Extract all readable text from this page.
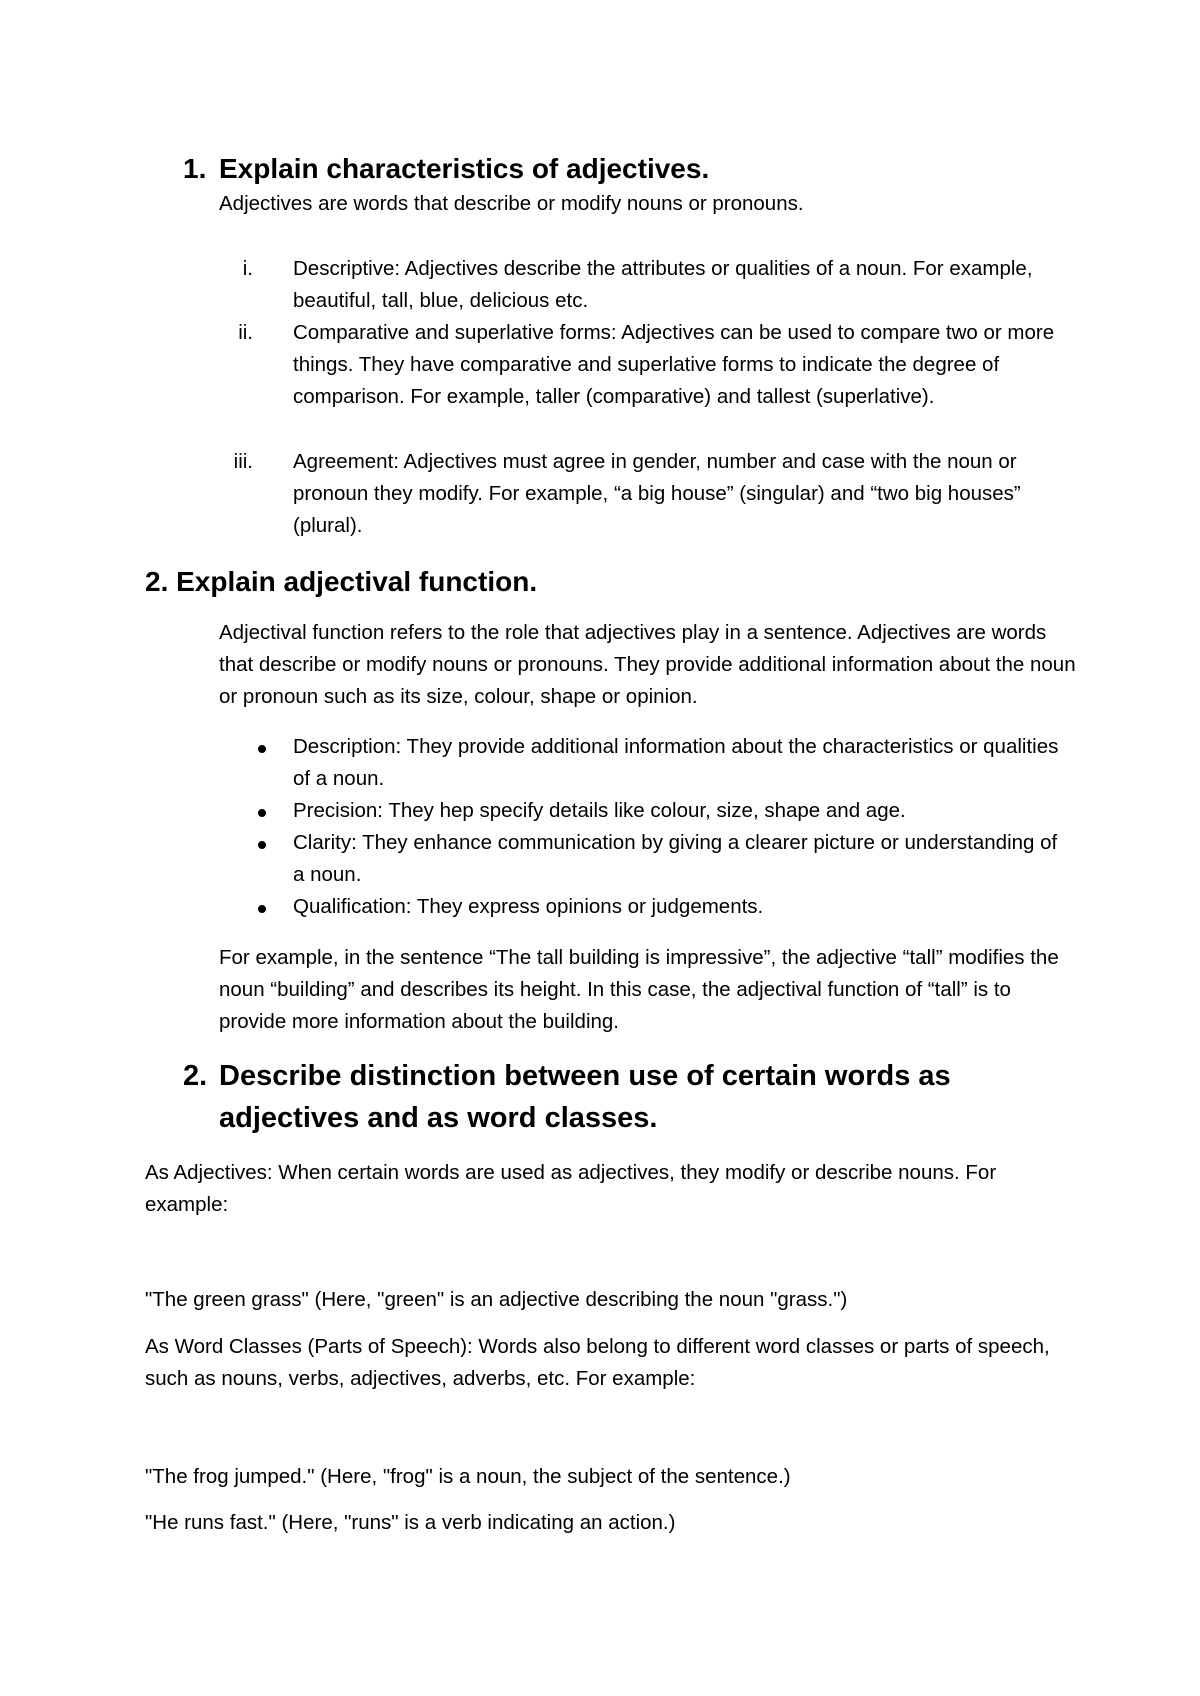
1. Explain characteristics of adjectives.
Adjectives are words that describe or modify nouns or pronouns.
i. Descriptive: Adjectives describe the attributes or qualities of a noun. For example, beautiful, tall, blue, delicious etc.
ii. Comparative and superlative forms: Adjectives can be used to compare two or more things. They have comparative and superlative forms to indicate the degree of comparison. For example, taller (comparative) and tallest (superlative).
iii. Agreement: Adjectives must agree in gender, number and case with the noun or pronoun they modify. For example, “a big house” (singular) and “two big houses” (plural).
2. Explain adjectival function.
Adjectival function refers to the role that adjectives play in a sentence. Adjectives are words that describe or modify nouns or pronouns. They provide additional information about the noun or pronoun such as its size, colour, shape or opinion.
Description: They provide additional information about the characteristics or qualities of a noun.
Precision: They hep specify details like colour, size, shape and age.
Clarity: They enhance communication by giving a clearer picture or understanding of a noun.
Qualification: They express opinions or judgements.
For example, in the sentence “The tall building is impressive”, the adjective “tall” modifies the noun “building” and describes its height. In this case, the adjectival function of “tall” is to provide more information about the building.
2. Describe distinction between use of certain words as adjectives and as word classes.
As Adjectives: When certain words are used as adjectives, they modify or describe nouns. For example:
"The green grass" (Here, "green" is an adjective describing the noun "grass.")
As Word Classes (Parts of Speech): Words also belong to different word classes or parts of speech, such as nouns, verbs, adjectives, adverbs, etc. For example:
"The frog jumped." (Here, "frog" is a noun, the subject of the sentence.)
"He runs fast." (Here, "runs" is a verb indicating an action.)
